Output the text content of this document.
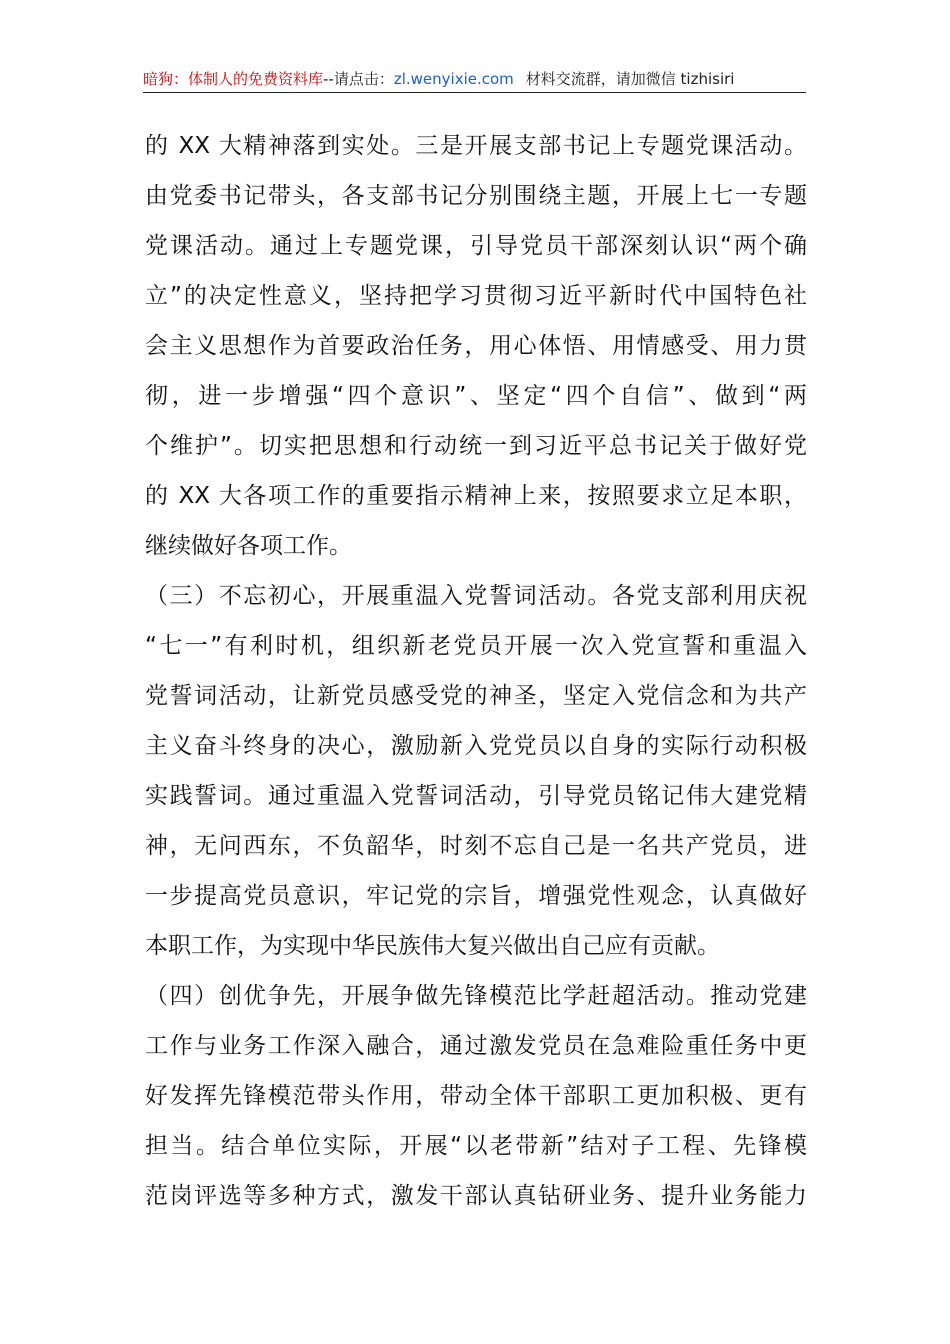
暗狗：体制人的免费资料库--请点击：zl.wenyixie.com 材料交流群，请加微信 tizhisiri
的 XX 大精神落到实处。三是开展支部书记上专题党课活动。
由党委书记带头，各支部书记分别围绕主题，开展上七一专题
党课活动。通过上专题党课，引导党员干部深刻认识“两个确
立”的决定性意义，坚持把学习贯彻习近平新时代中国特色社
会主义思想作为首要政治任务，用心体悟、用情感受、用力贯
彻，进一步增强“四个意识”、坚定“四个自信”、做到“两
个维护”。切实把思想和行动统一到习近平总书记关于做好党
的 XX 大各项工作的重要指示精神上来，按照要求立足本职，
继续做好各项工作。
（三）不忘初心，开展重温入党誓词活动。各党支部利用庆祝
“七一”有利时机，组织新老党员开展一次入党宣誓和重温入
党誓词活动，让新党员感受党的神圣，坚定入党信念和为共产
主义奋斗终身的决心，激励新入党党员以自身的实际行动积极
实践誓词。通过重温入党誓词活动，引导党员铭记伟大建党精
神，无问西东，不负韶华，时刻不忘自己是一名共产党员，进
一步提高党员意识，牢记党的宗旨，增强党性观念，认真做好
本职工作，为实现中华民族伟大复兴做出自己应有贡献。
（四）创优争先，开展争做先锋模范比学赶超活动。推动党建
工作与业务工作深入融合，通过激发党员在急难险重任务中更
好发挥先锋模范带头作用，带动全体干部职工更加积极、更有
担当。结合单位实际，开展“以老带新”结对子工程、先锋模
范岗评选等多种方式，激发干部认真钻研业务、提升业务能力
